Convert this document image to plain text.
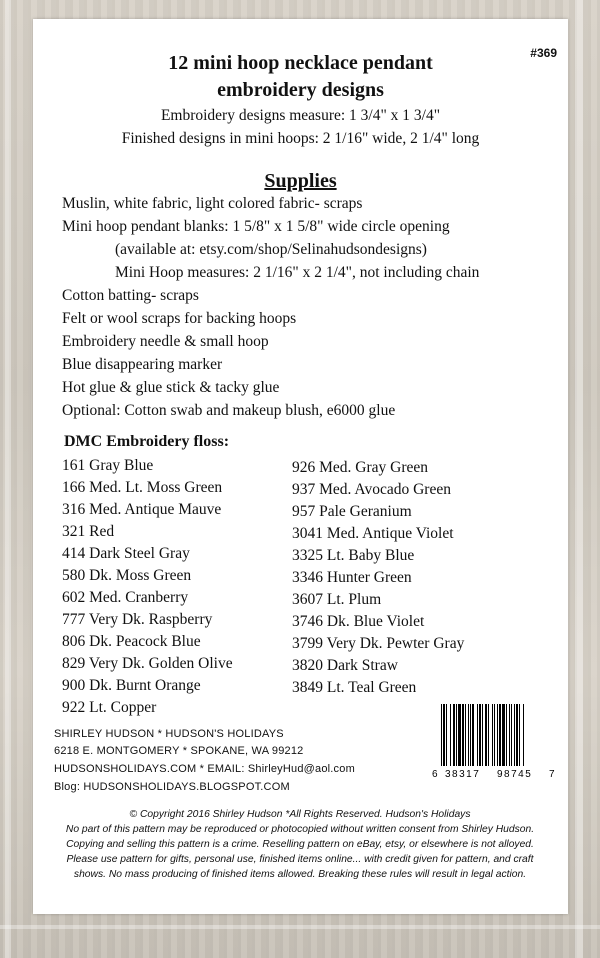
#369
12 mini hoop necklace pendant
embroidery designs
Embroidery designs measure: 1 3/4" x 1 3/4"
Finished designs in mini hoops: 2 1/16" wide, 2 1/4" long
Supplies
Muslin, white fabric, light colored fabric- scraps
Mini hoop pendant blanks: 1 5/8" x 1 5/8" wide circle opening
(available at: etsy.com/shop/Selinahudsondesigns)
Mini Hoop measures: 2 1/16" x 2 1/4", not including chain
Cotton batting- scraps
Felt or wool scraps for backing hoops
Embroidery needle & small hoop
Blue disappearing marker
Hot glue & glue stick & tacky glue
Optional: Cotton swab and makeup blush, e6000 glue
DMC Embroidery floss:
161 Gray Blue
166 Med. Lt. Moss Green
316 Med. Antique Mauve
321 Red
414 Dark Steel Gray
580 Dk. Moss Green
602 Med. Cranberry
777 Very Dk. Raspberry
806 Dk. Peacock Blue
829 Very Dk. Golden Olive
900 Dk. Burnt Orange
922 Lt. Copper
926 Med. Gray Green
937 Med. Avocado Green
957 Pale Geranium
3041 Med. Antique Violet
3325 Lt. Baby Blue
3346 Hunter Green
3607 Lt. Plum
3746 Dk. Blue Violet
3799 Very Dk. Pewter Gray
3820 Dark Straw
3849 Lt. Teal Green
SHIRLEY HUDSON * HUDSON'S HOLIDAYS
6218 E. MONTGOMERY * SPOKANE, WA 99212
HUDSONSHOLIDAYS.COM * EMAIL: ShirleyHud@aol.com
Blog: HUDSONSHOLIDAYS.BLOGSPOT.COM
6 38317 98745 7
© Copyright 2016 Shirley Hudson *All Rights Reserved. Hudson's Holidays
No part of this pattern may be reproduced or photocopied without written consent from Shirley Hudson. Copying and selling this pattern is a crime. Reselling pattern on eBay, etsy, or elsewhere is not alloyed. Please use pattern for gifts, personal use, finished items online... with credit given for pattern, and craft shows. No mass producing of finished items allowed. Breaking these rules will result in legal action.
